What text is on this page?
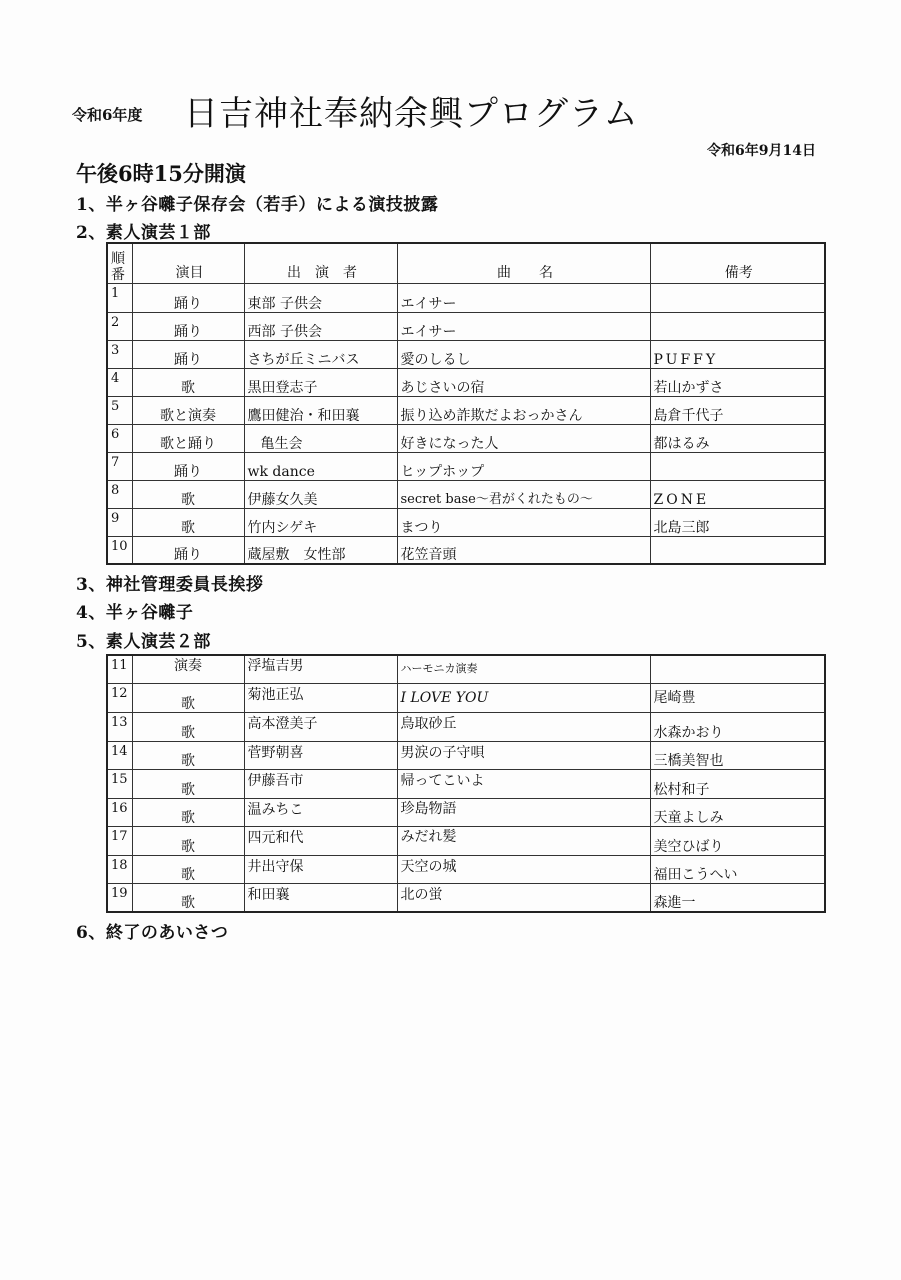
令和6年度 日吉神社奉納余興プログラム
令和6年9月14日
午後6時15分開演
1、半ヶ谷囃子保存会（若手）による演技披露
2、素人演芸１部
順
番	演目	出　演　者	曲　　名	備考
1	踊り	東部 子供会	エイサー	
2	踊り	西部 子供会	エイサー	
3	踊り	さちが丘ミニバス	愛のしるし	PUFFY
4	歌	黒田登志子	あじさいの宿	若山かずさ
5	歌と演奏	鷹田健治・和田襄	振り込め詐欺だよおっかさん	島倉千代子
6	歌と踊り	亀生会	好きになった人	都はるみ
7	踊り	wk dance	ヒップホップ	
8	歌	伊藤女久美	secret base〜君がくれたもの〜	ZONE
9	歌	竹内シゲキ	まつり	北島三郎
10	踊り	蔵屋敷　女性部	花笠音頭	
3、神社管理委員長挨拶
4、半ヶ谷囃子
5、素人演芸２部
11	演奏	浮塩吉男	ハーモニカ演奏	
12	歌	菊池正弘	I LOVE YOU	尾崎豊
13	歌	高本澄美子	鳥取砂丘	水森かおり
14	歌	菅野朝喜	男涙の子守唄	三橋美智也
15	歌	伊藤吾市	帰ってこいよ	松村和子
16	歌	温みちこ	珍島物語	天童よしみ
17	歌	四元和代	みだれ髪	美空ひばり
18	歌	井出守保	天空の城	福田こうへい
19	歌	和田襄	北の蛍	森進一
6、終了のあいさつ
